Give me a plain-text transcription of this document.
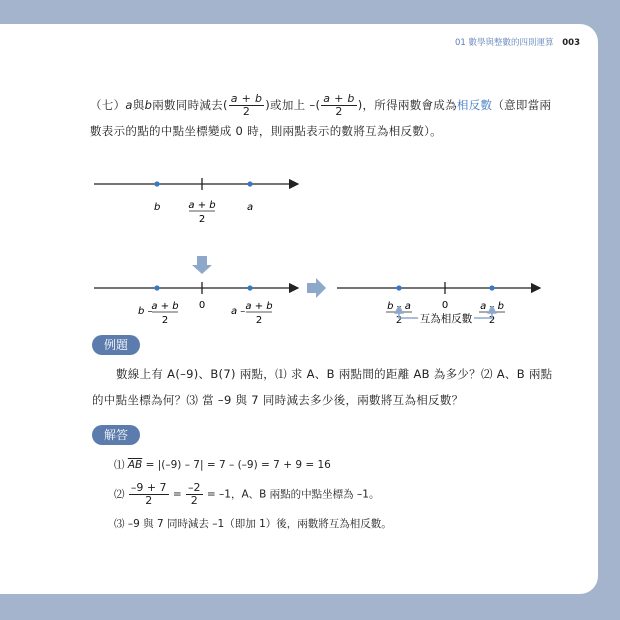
01 數學與整數的四則運算 003
（七）a與b兩數同時減去( $\frac{a + b}{2}$ )或加上 –( $\frac{a + b}{2}$ )，所得兩數會成為相反數（意即當兩
數表示的點的中點坐標變成 0 時，則兩點表示的數將互為相反數）。
b	a
a + b
2
b –
a + b
2
0
a – a + b
2
b – a
2
0	a – b
2
互為相反數
例題
數線上有 A(–9)、B(7) 兩點，⑴ 求 A、B 兩點間的距離 AB 為多少？⑵ A、B 兩點
的中點坐標為何？⑶ 當 –9 與 7 同時減去多少後，兩數將互為相反數？
解答
⑴ $\overline{AB} = |(-9) - 7| = 7 - (-9) = 7 + 9 = 16$
⑵ $\frac{-9 + 7}{2} = \frac{-2}{2} = -1$，A、B 兩點的中點坐標為 –1。
⑶ –9 與 7 同時減去 –1（即加 1）後，兩數將互為相反數。
